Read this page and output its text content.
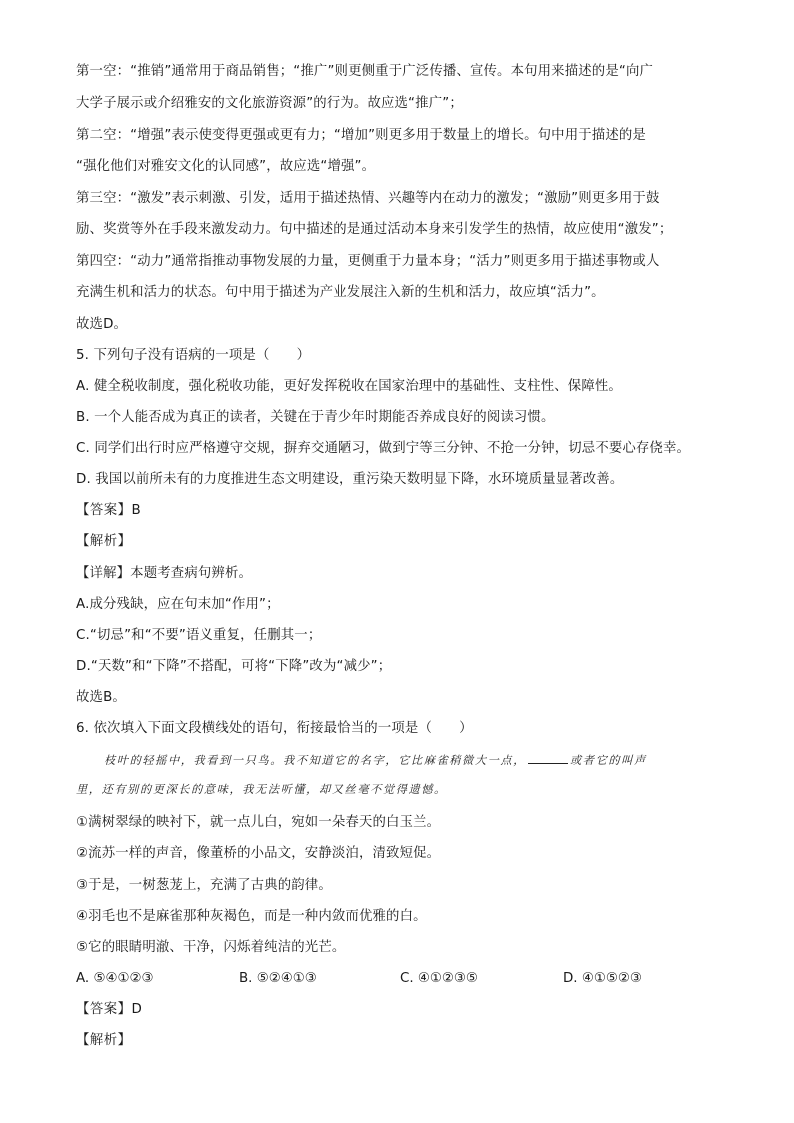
第一空：“推销”通常用于商品销售；“推广”则更侧重于广泛传播、宣传。本句用来描述的是“向广
大学子展示或介绍雅安的文化旅游资源”的行为。故应选“推广”；
第二空：“增强”表示使变得更强或更有力；“增加”则更多用于数量上的增长。句中用于描述的是
“强化他们对雅安文化的认同感”，故应选“增强”。
第三空：“激发”表示刺激、引发，适用于描述热情、兴趣等内在动力的激发；“激励”则更多用于鼓
励、奖赏等外在手段来激发动力。句中描述的是通过活动本身来引发学生的热情，故应使用“激发”；
第四空：“动力”通常指推动事物发展的力量，更侧重于力量本身；“活力”则更多用于描述事物或人
充满生机和活力的状态。句中用于描述为产业发展注入新的生机和活力，故应填“活力”。
故选D。
5. 下列句子没有语病的一项是（　　）
A. 健全税收制度，强化税收功能，更好发挥税收在国家治理中的基础性、支柱性、保障性。
B. 一个人能否成为真正的读者，关键在于青少年时期能否养成良好的阅读习惯。
C. 同学们出行时应严格遵守交规，摒弃交通陋习，做到宁等三分钟、不抢一分钟，切忌不要心存侥幸。
D. 我国以前所未有的力度推进生态文明建设，重污染天数明显下降，水环境质量显著改善。
【答案】B
【解析】
【详解】本题考查病句辨析。
A.成分残缺，应在句末加“作用”；
C.“切忌”和“不要”语义重复，任删其一；
D.“天数”和“下降”不搭配，可将“下降”改为“减少”；
故选B。
6. 依次填入下面文段横线处的语句，衔接最恰当的一项是（　　）
枝叶的轻摇中，我看到一只鸟。我不知道它的名字，它比麻雀稍微大一点，	或者它的叫声
里，还有别的更深长的意味，我无法听懂，却又丝毫不觉得遗憾。
①满树翠绿的映衬下，就一点儿白，宛如一朵春天的白玉兰。
②流苏一样的声音，像董桥的小品文，安静淡泊，清致短促。
③于是，一树葱茏上，充满了古典的韵律。
④羽毛也不是麻雀那种灰褐色，而是一种内敛而优雅的白。
⑤它的眼睛明澈、干净，闪烁着纯洁的光芒。
A. ⑤④①②③	B. ⑤②④①③	C. ④①②③⑤	D. ④①⑤②③
【答案】D
【解析】
